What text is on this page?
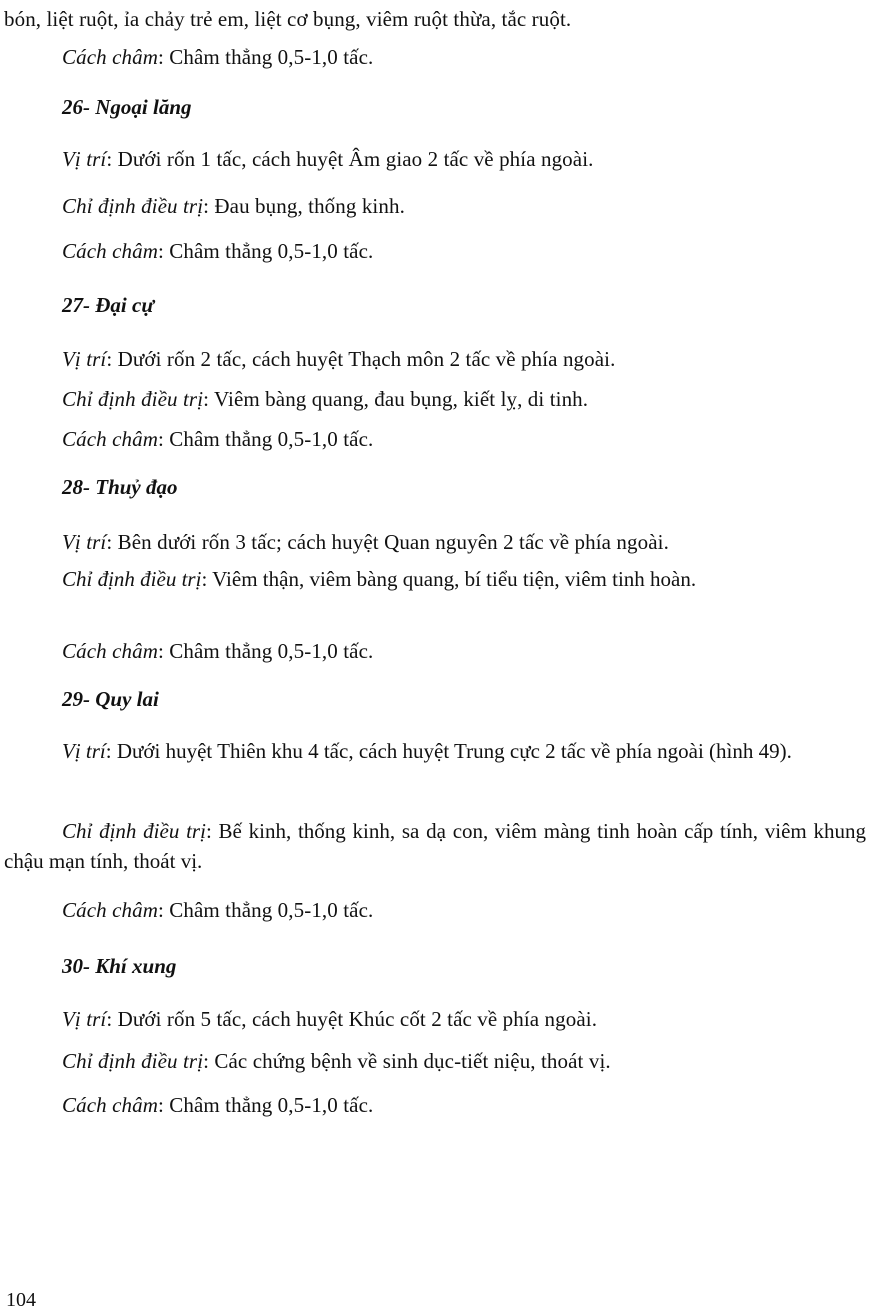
bón, liệt ruột, ỉa chảy trẻ em, liệt cơ bụng, viêm ruột thừa, tắc ruột.
Cách châm: Châm thẳng 0,5-1,0 tấc.
26- Ngoại lăng
Vị trí: Dưới rốn 1 tấc, cách huyệt Âm giao 2 tấc về phía ngoài.
Chỉ định điều trị: Đau bụng, thống kinh.
Cách châm: Châm thẳng 0,5-1,0 tấc.
27- Đại cự
Vị trí: Dưới rốn 2 tấc, cách huyệt Thạch môn 2 tấc về phía ngoài.
Chỉ định điều trị: Viêm bàng quang, đau bụng, kiết lỵ, di tinh.
Cách châm: Châm thẳng 0,5-1,0 tấc.
28- Thuỷ đạo
Vị trí: Bên dưới rốn 3 tấc; cách huyệt Quan nguyên 2 tấc về phía ngoài.
Chỉ định điều trị: Viêm thận, viêm bàng quang, bí tiểu tiện, viêm tinh hoàn.
Cách châm: Châm thẳng 0,5-1,0 tấc.
29- Quy lai
Vị trí: Dưới huyệt Thiên khu 4 tấc, cách huyệt Trung cực 2 tấc về phía ngoài (hình 49).
Chỉ định điều trị: Bế kinh, thống kinh, sa dạ con, viêm màng tinh hoàn cấp tính, viêm khung chậu mạn tính, thoát vị.
Cách châm: Châm thẳng 0,5-1,0 tấc.
30- Khí xung
Vị trí: Dưới rốn 5 tấc, cách huyệt Khúc cốt 2 tấc về phía ngoài.
Chỉ định điều trị: Các chứng bệnh về sinh dục-tiết niệu, thoát vị.
Cách châm: Châm thẳng 0,5-1,0 tấc.
104
